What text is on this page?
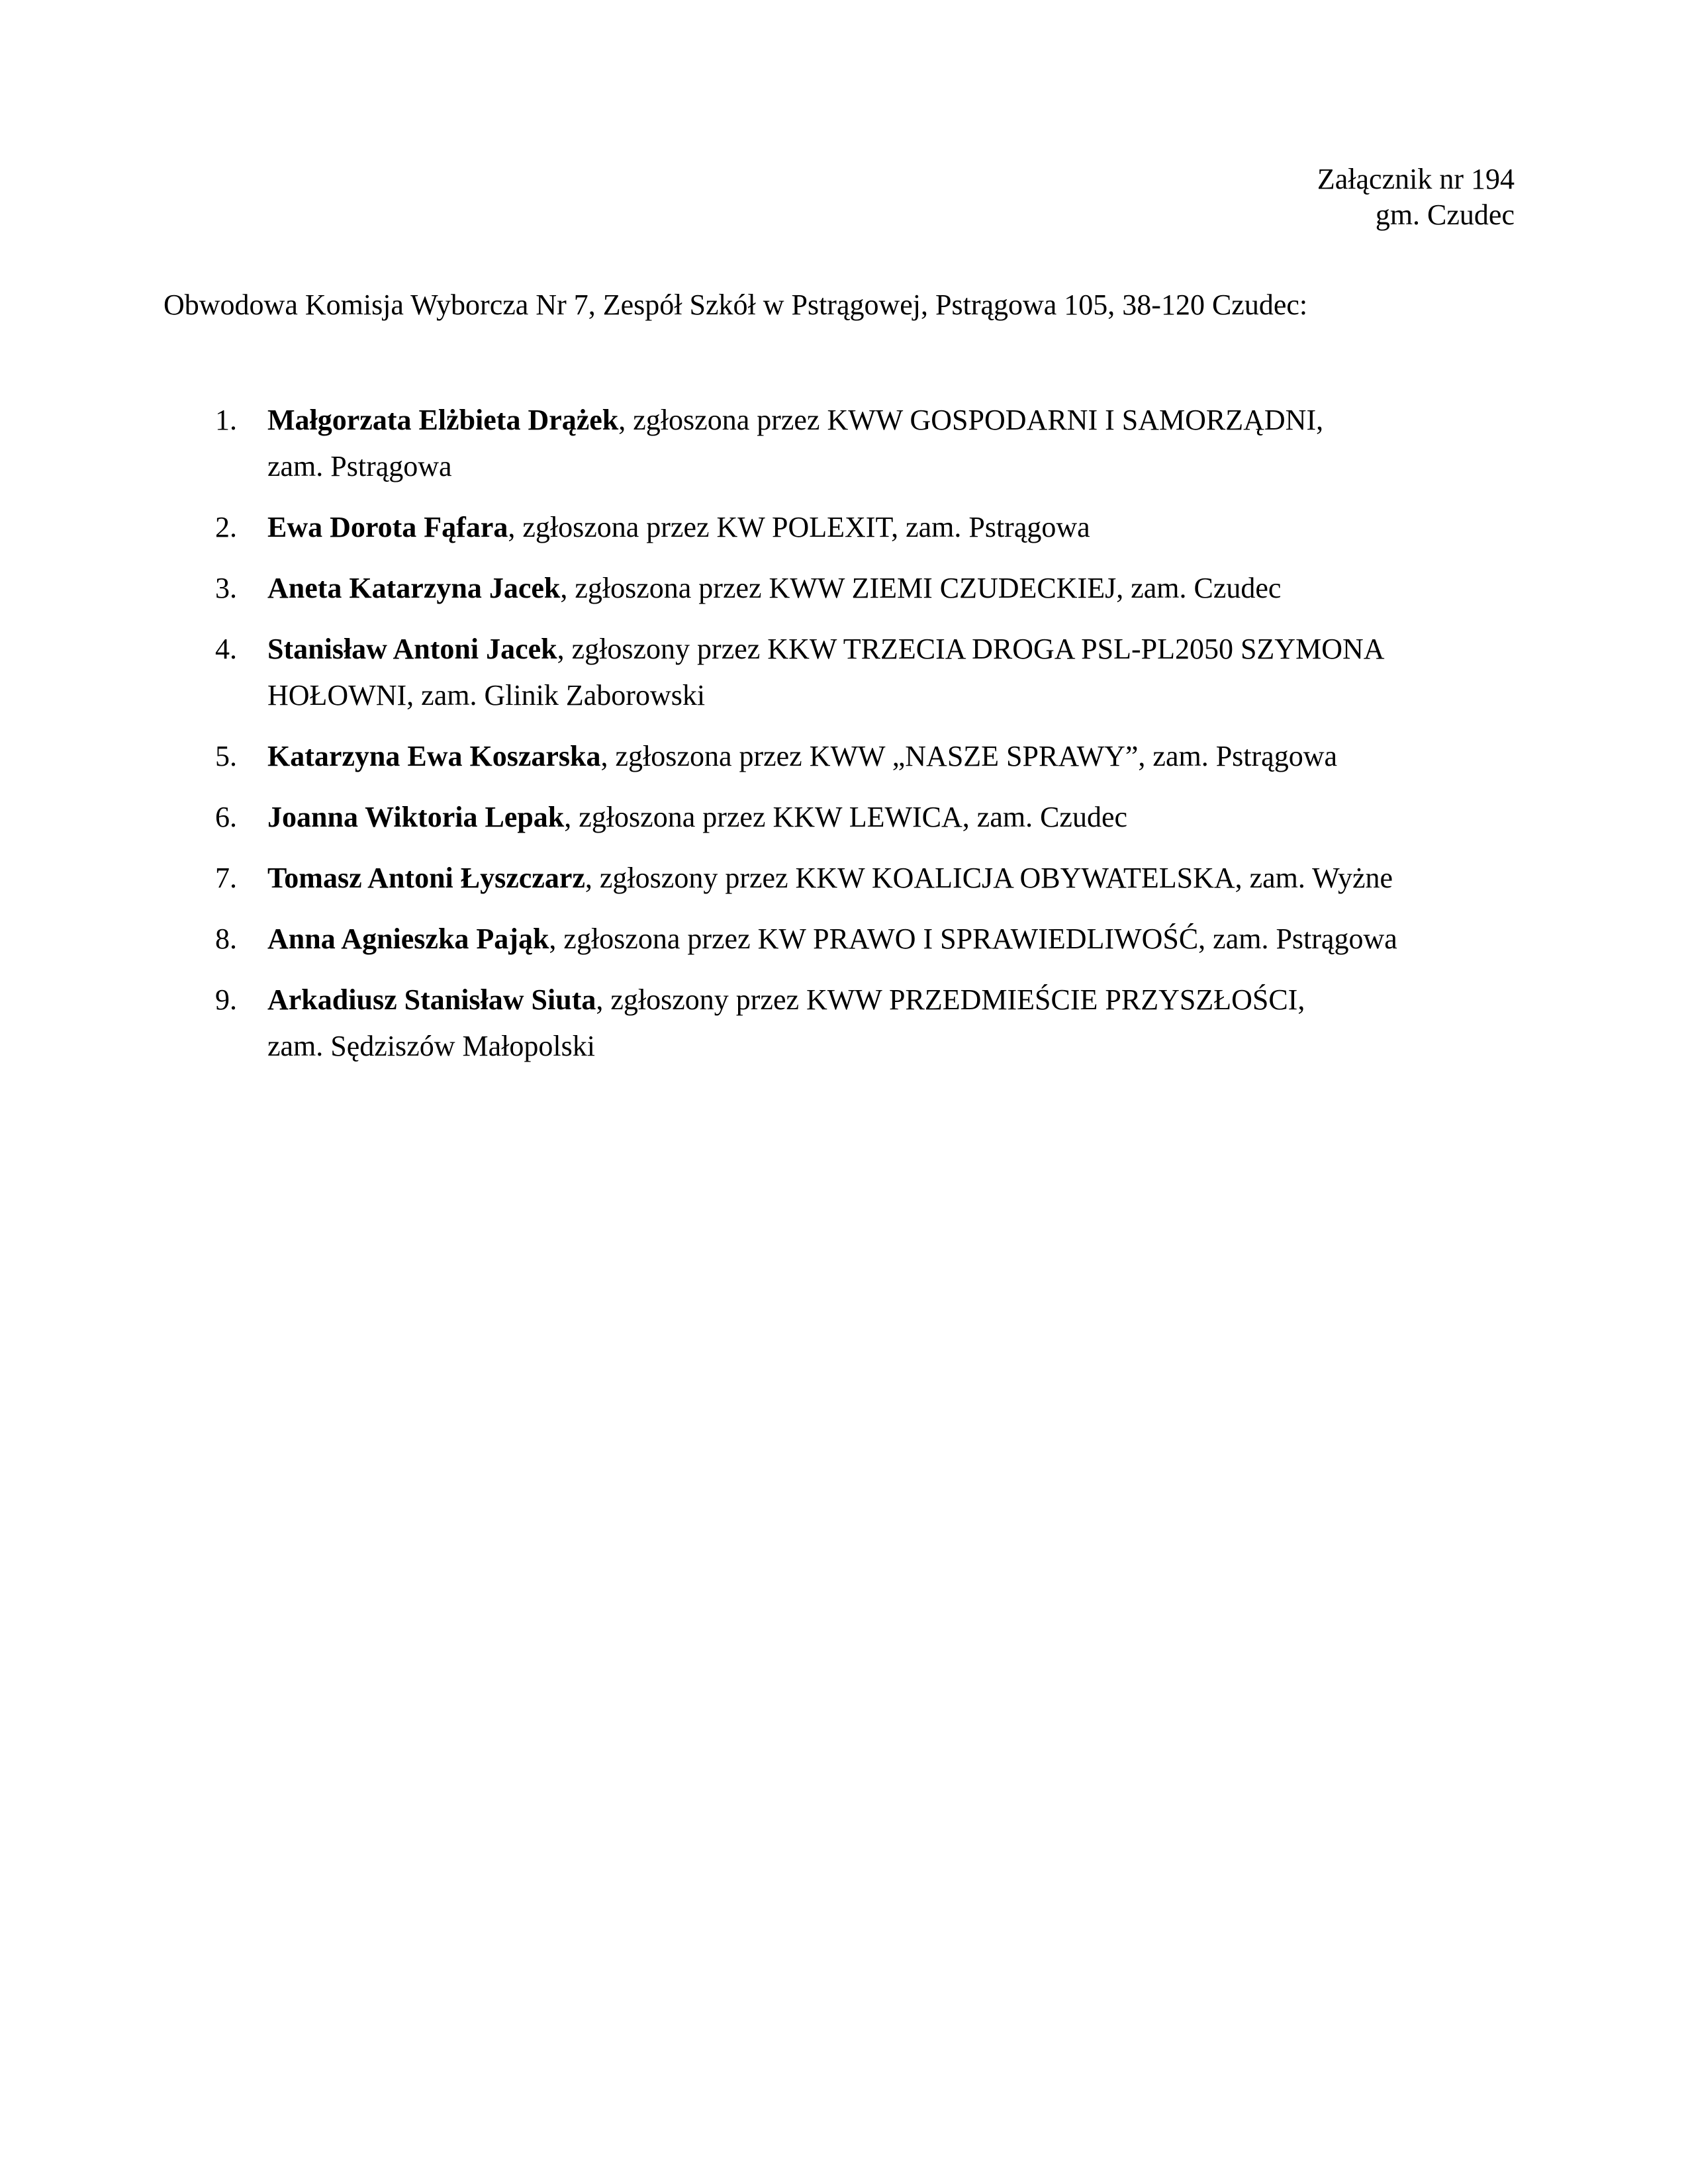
Załącznik nr 194
gm. Czudec
Obwodowa Komisja Wyborcza Nr 7, Zespół Szkół w Pstrągowej, Pstrągowa 105, 38-120 Czudec:
1. Małgorzata Elżbieta Drążek, zgłoszona przez KWW GOSPODARNI I SAMORZĄDNI,
zam. Pstrągowa
2. Ewa Dorota Fąfara, zgłoszona przez KW POLEXIT, zam. Pstrągowa
3. Aneta Katarzyna Jacek, zgłoszona przez KWW ZIEMI CZUDECKIEJ, zam. Czudec
4. Stanisław Antoni Jacek, zgłoszony przez KKW TRZECIA DROGA PSL-PL2050 SZYMONA
HOŁOWNI, zam. Glinik Zaborowski
5. Katarzyna Ewa Koszarska, zgłoszona przez KWW „NASZE SPRAWY”, zam. Pstrągowa
6. Joanna Wiktoria Lepak, zgłoszona przez KKW LEWICA, zam. Czudec
7. Tomasz Antoni Łyszczarz, zgłoszony przez KKW KOALICJA OBYWATELSKA, zam. Wyżne
8. Anna Agnieszka Pająk, zgłoszona przez KW PRAWO I SPRAWIEDLIWOŚĆ, zam. Pstrągowa
9. Arkadiusz Stanisław Siuta, zgłoszony przez KWW PRZEDMIEŚCIE PRZYSZŁOŚCI,
zam. Sędziszów Małopolski
